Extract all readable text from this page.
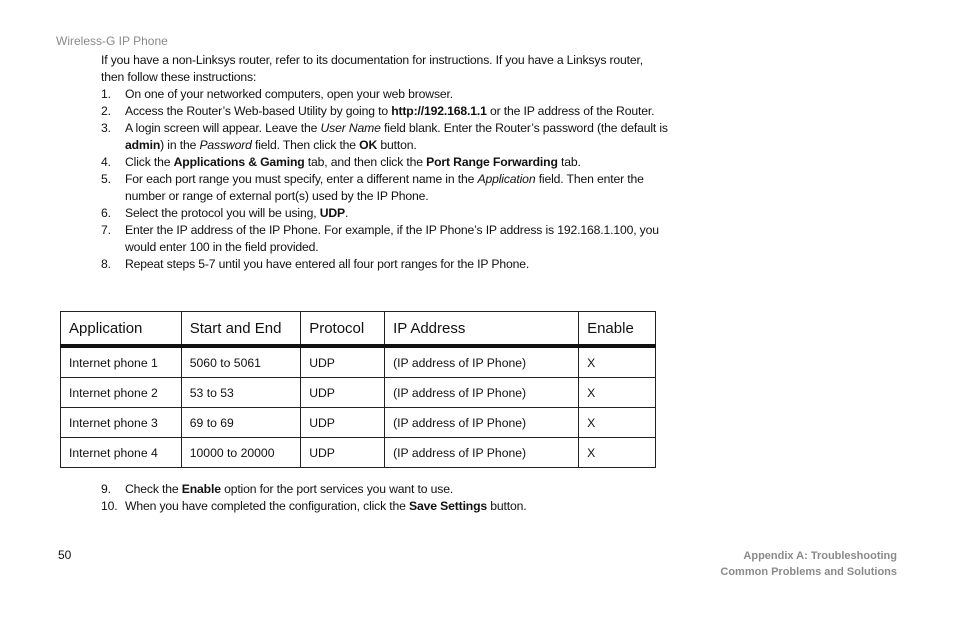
Wireless-G IP Phone
If you have a non-Linksys router, refer to its documentation for instructions. If you have a Linksys router, then follow these instructions:
1. On one of your networked computers, open your web browser.
2. Access the Router’s Web-based Utility by going to http://192.168.1.1 or the IP address of the Router.
3. A login screen will appear. Leave the User Name field blank. Enter the Router’s password (the default is admin) in the Password field. Then click the OK button.
4. Click the Applications & Gaming tab, and then click the Port Range Forwarding tab.
5. For each port range you must specify, enter a different name in the Application field. Then enter the number or range of external port(s) used by the IP Phone.
6. Select the protocol you will be using, UDP.
7. Enter the IP address of the IP Phone. For example, if the IP Phone’s IP address is 192.168.1.100, you would enter 100 in the field provided.
8. Repeat steps 5-7 until you have entered all four port ranges for the IP Phone.
Application	Start and End	Protocol	IP Address	Enable
Internet phone 1	5060 to 5061	UDP	(IP address of IP Phone)	X
Internet phone 2	53 to 53	UDP	(IP address of IP Phone)	X
Internet phone 3	69 to 69	UDP	(IP address of IP Phone)	X
Internet phone 4	10000 to 20000	UDP	(IP address of IP Phone)	X
9. Check the Enable option for the port services you want to use.
10. When you have completed the configuration, click the Save Settings button.
50	Appendix A: Troubleshooting
Common Problems and Solutions
